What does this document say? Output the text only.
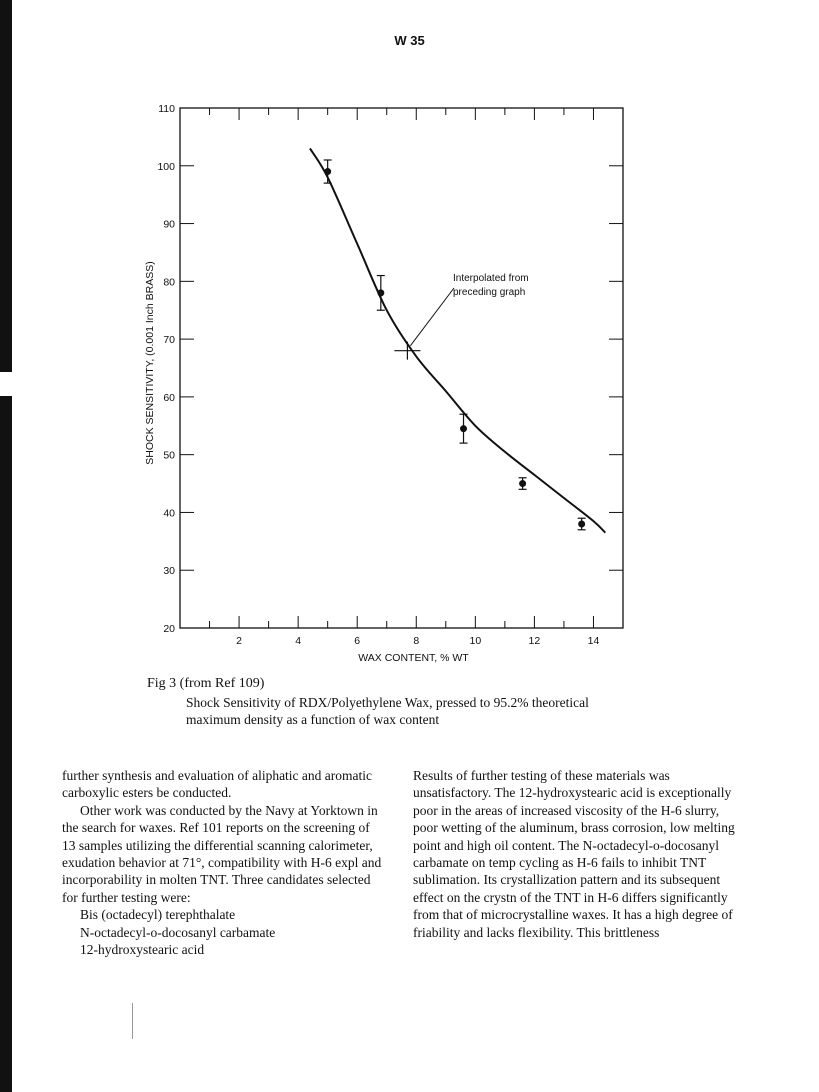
W 35
20
30
40
50
60
70
80
90
100
110
2	4	6	8	10	12	14
WAX CONTENT, % WT
SHOCK SENSITIVITY, (0.001 Inch BRASS)	Interpolated from
preceding graph
Fig 3 (from Ref 109)
Shock Sensitivity of RDX/Polyethylene Wax, pressed to 95.2% theoretical
maximum density as a function of wax content

further synthesis and evaluation of aliphatic and aromatic carboxylic esters be conducted.

Other work was conducted by the Navy at Yorktown in the search for waxes. Ref 101 reports on the screening of 13 samples utilizing the differential scanning calorimeter, exudation behavior at 71°, compatibility with H-6 expl and incorporability in molten TNT. Three candidates selected for further testing were:

Bis (octadecyl) terephthalate

N-octadecyl-o-docosanyl carbamate

12-hydroxystearic acid

Results of further testing of these materials was unsatisfactory. The 12-hydroxystearic acid is exceptionally poor in the areas of increased viscosity of the H-6 slurry, poor wetting of the aluminum, brass corrosion, low melting point and high oil content. The N-octadecyl-o-docosanyl carbamate on temp cycling as H-6 fails to inhibit TNT sublimation. Its crystallization pattern and its subsequent effect on the crystn of the TNT in H-6 differs significantly from that of microcrystalline waxes. It has a high degree of friability and lacks flexibility. This brittleness
